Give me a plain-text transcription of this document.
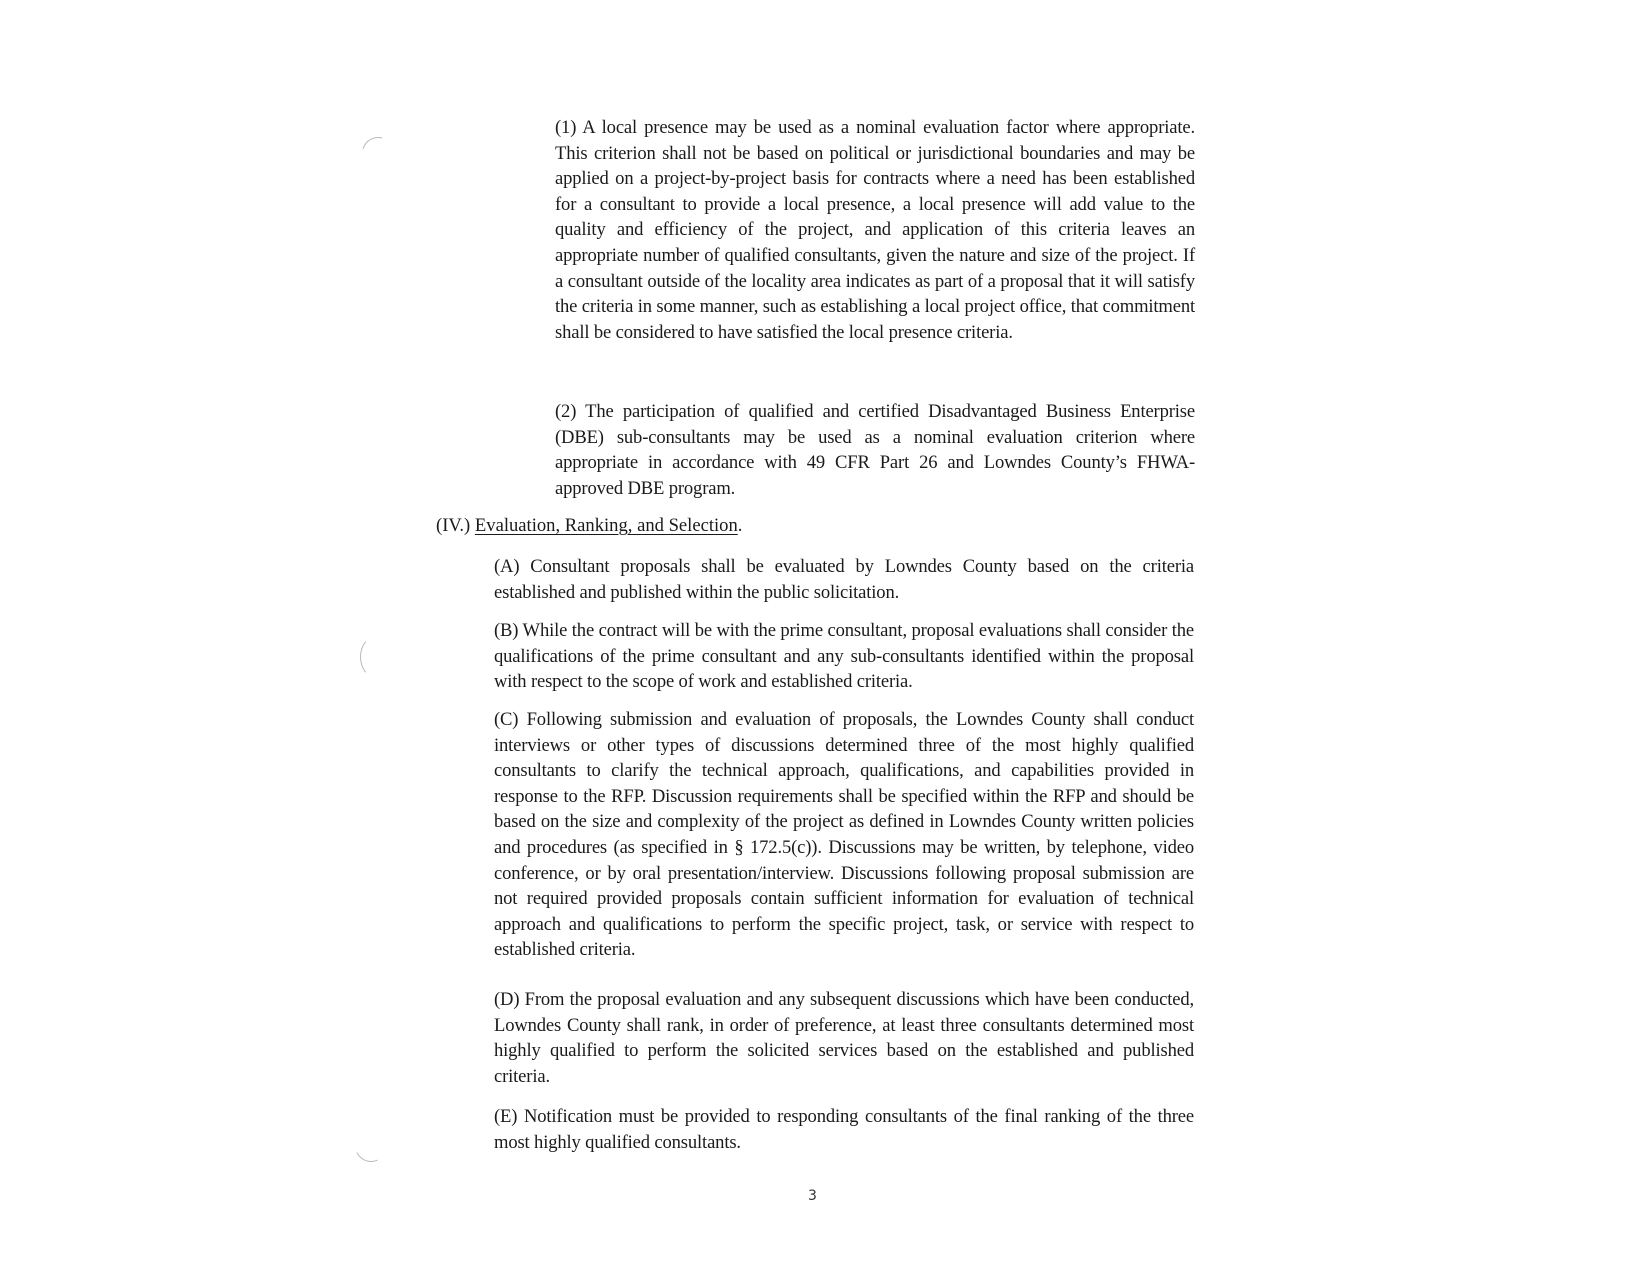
(1) A local presence may be used as a nominal evaluation factor where appropriate. This criterion shall not be based on political or jurisdictional boundaries and may be applied on a project-by-project basis for contracts where a need has been established for a consultant to provide a local presence, a local presence will add value to the quality and efficiency of the project, and application of this criteria leaves an appropriate number of qualified consultants, given the nature and size of the project. If a consultant outside of the locality area indicates as part of a proposal that it will satisfy the criteria in some manner, such as establishing a local project office, that commitment shall be considered to have satisfied the local presence criteria.

(2) The participation of qualified and certified Disadvantaged Business Enterprise (DBE) sub-consultants may be used as a nominal evaluation criterion where appropriate in accordance with 49 CFR Part 26 and Lowndes County’s FHWA-approved DBE program.

(IV.) Evaluation, Ranking, and Selection.

(A) Consultant proposals shall be evaluated by Lowndes County based on the criteria established and published within the public solicitation.

(B) While the contract will be with the prime consultant, proposal evaluations shall consider the qualifications of the prime consultant and any sub-consultants identified within the proposal with respect to the scope of work and established criteria.

(C) Following submission and evaluation of proposals, the Lowndes County shall conduct interviews or other types of discussions determined three of the most highly qualified consultants to clarify the technical approach, qualifications, and capabilities provided in response to the RFP. Discussion requirements shall be specified within the RFP and should be based on the size and complexity of the project as defined in Lowndes County written policies and procedures (as specified in § 172.5(c)). Discussions may be written, by telephone, video conference, or by oral presentation/interview. Discussions following proposal submission are not required provided proposals contain sufficient information for evaluation of technical approach and qualifications to perform the specific project, task, or service with respect to established criteria.

(D) From the proposal evaluation and any subsequent discussions which have been conducted, Lowndes County shall rank, in order of preference, at least three consultants determined most highly qualified to perform the solicited services based on the established and published criteria.

(E) Notification must be provided to responding consultants of the final ranking of the three most highly qualified consultants.

3
